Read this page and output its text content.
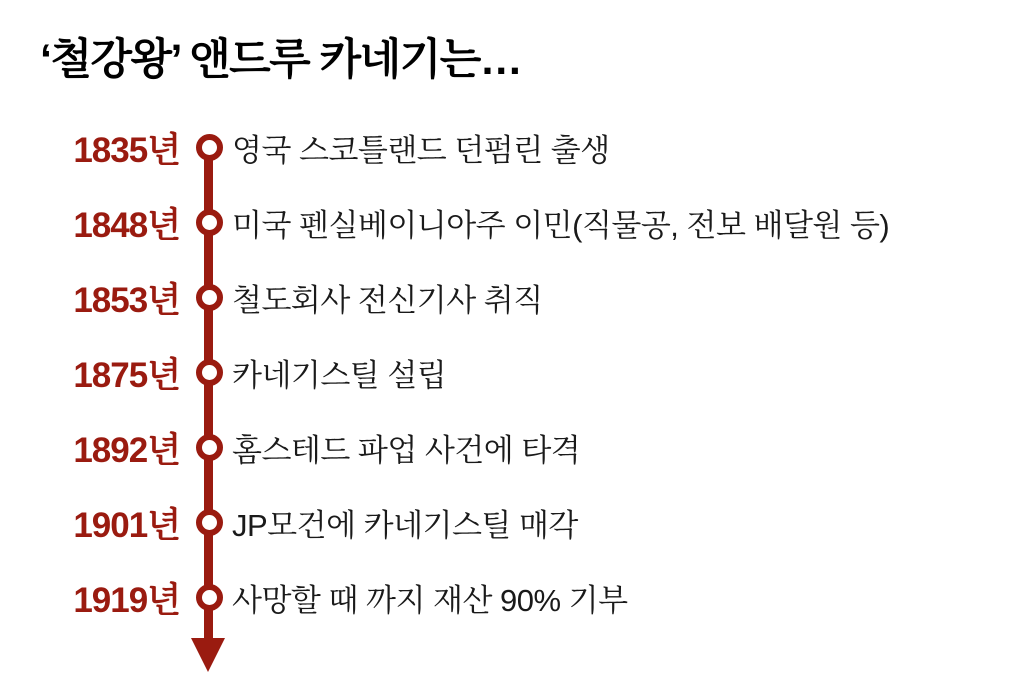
‘철강왕’ 앤드루 카네기는…
1835년 영국 스코틀랜드 던펌린 출생
1848년 미국 펜실베이니아주 이민(직물공, 전보 배달원 등)
1853년 철도회사 전신기사 취직
1875년 카네기스틸 설립
1892년 홈스테드 파업 사건에 타격
1901년 JP모건에 카네기스틸 매각
1919년 사망할 때 까지 재산 90% 기부
